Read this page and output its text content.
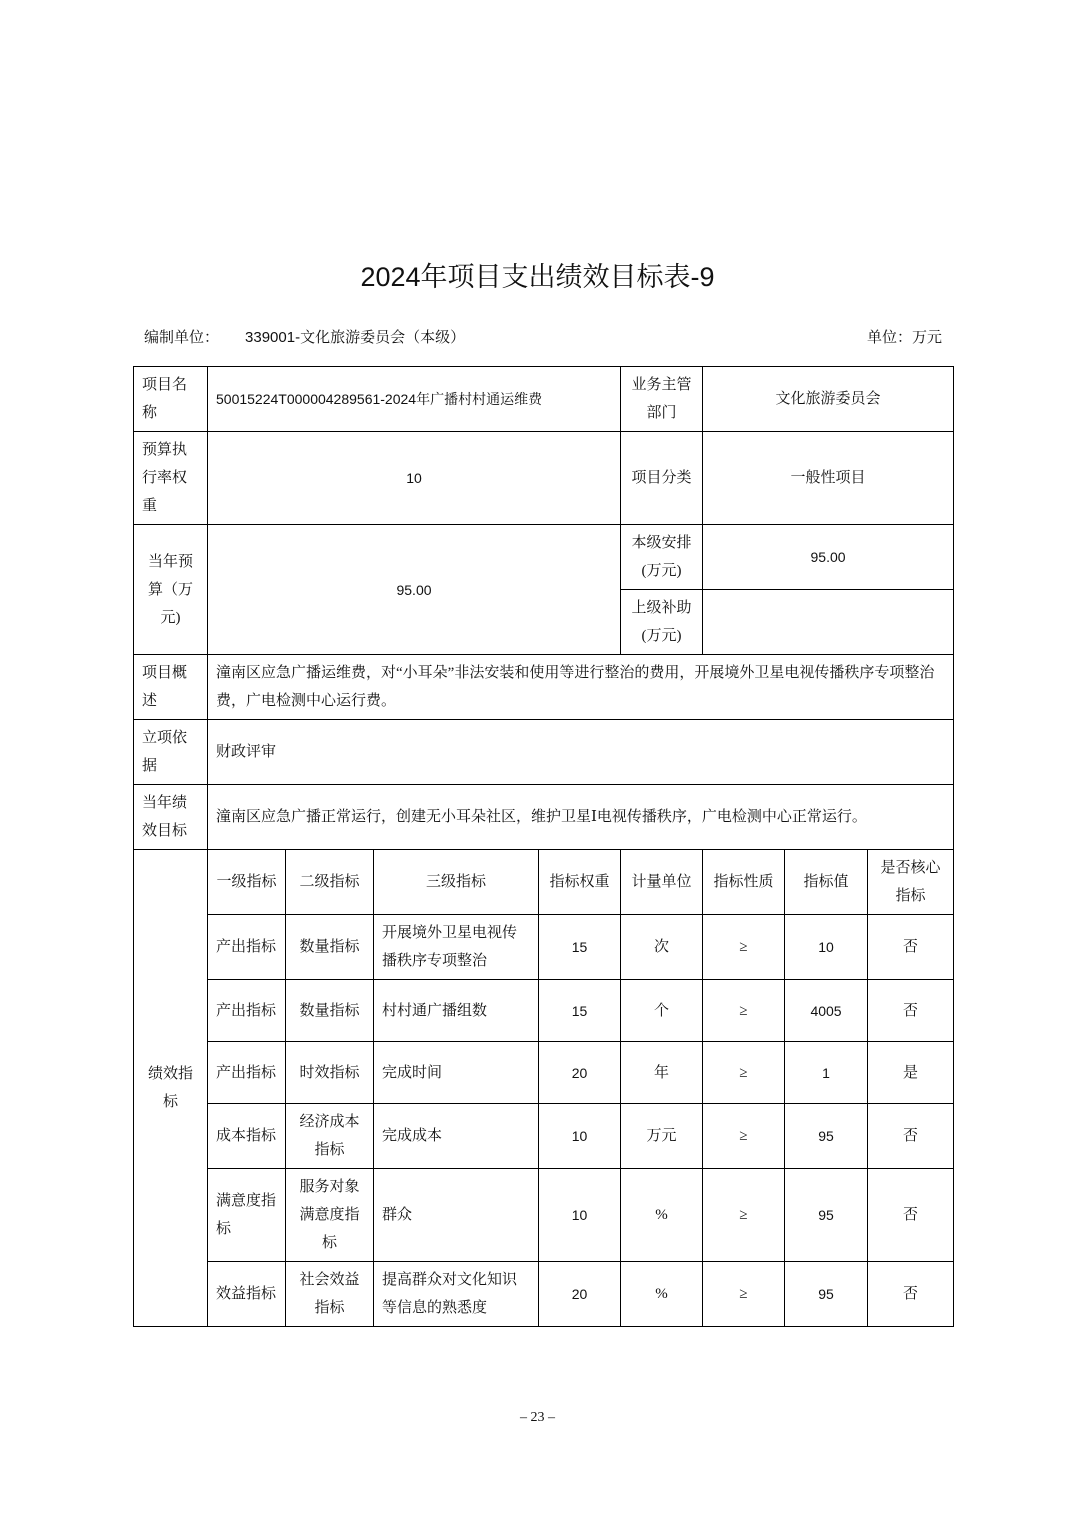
2024年项目支出绩效目标表-9
编制单位： 339001-文化旅游委员会（本级）	单位：万元
项目名称	50015224T000004289561-2024年广播村村通运维费				业务主管部门	文化旅游委员会		
预算执行率权重	10				项目分类	一般性项目		
当年预算（万元)	95.00				本级安排(万元)	95.00		
					上级补助(万元)			
项目概述	潼南区应急广播运维费，对“小耳朵”非法安装和使用等进行整治的费用，开展境外卫星电视传播秩序专项整治费，广电检测中心运行费。							
立项依据	财政评审							
当年绩效目标	潼南区应急广播正常运行，创建无小耳朵社区，维护卫星Ⅰ电视传播秩序，广电检测中心正常运行。							
绩效指标	一级指标	二级指标	三级指标	指标权重	计量单位	指标性质	指标值	是否核心指标
	产出指标	数量指标	开展境外卫星电视传播秩序专项整治	15	次	≥	10	否
	产出指标	数量指标	村村通广播组数	15	个	≥	4005	否
	产出指标	时效指标	完成时间	20	年	≥	1	是
	成本指标	经济成本指标	完成成本	10	万元	≥	95	否
	满意度指标	服务对象满意度指标	群众	10	%	≥	95	否
	效益指标	社会效益指标	提高群众对文化知识等信息的熟悉度	20	%	≥	95	否
– 23 –
